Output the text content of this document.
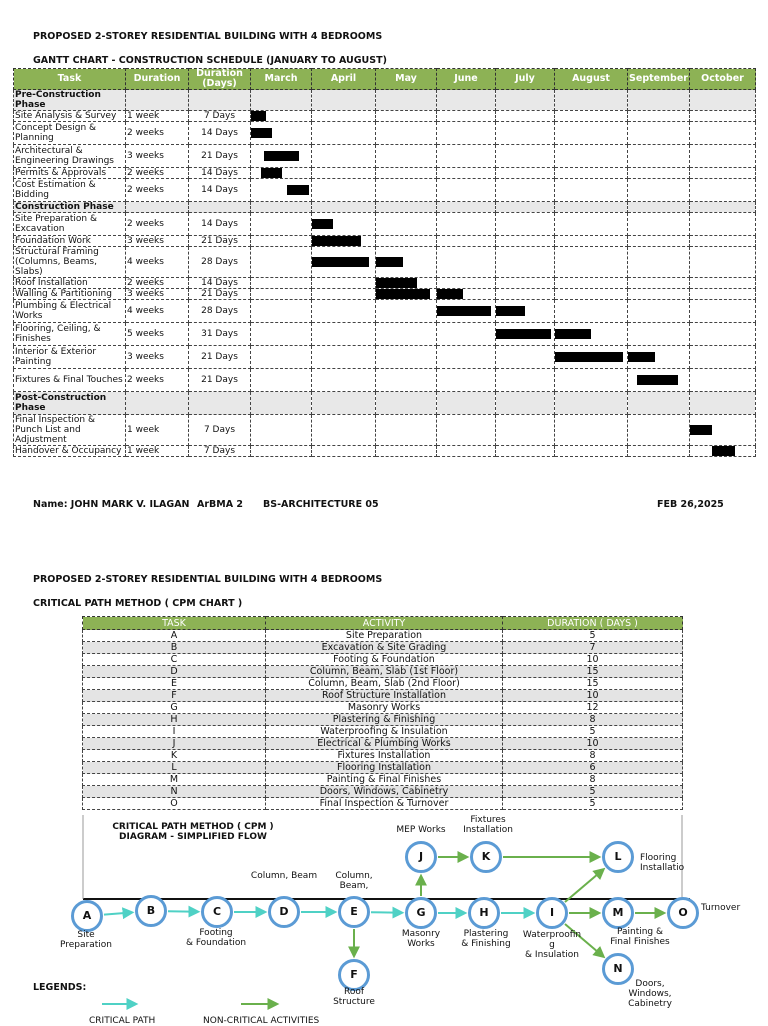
PROPOSED 2-STOREY RESIDENTIAL BUILDING WITH 4 BEDROOMS
GANTT CHART - CONSTRUCTION SCHEDULE (JANUARY TO AUGUST)
Task	Duration	Duration (Days)	March	April	May	June	July	August	September	October
Pre-Construction Phase										
Site Analysis & Survey	1 week	7 Days	

Concept Design & Planning	2 weeks	14 Days	

Architectural & Engineering Drawings	3 weeks	21 Days	

Permits & Approvals	2 weeks	14 Days	

Cost Estimation & Bidding	2 weeks	14 Days	

Construction Phase										
Site Preparation & Excavation	2 weeks	14 Days		

Foundation Work	3 weeks	21 Days		

Structural Framing (Columns, Beams, Slabs)	4 weeks	28 Days		

Roof Installation	2 weeks	14 Days			

Walling & Partitioning	3 weeks	21 Days			

Plumbing & Electrical Works	4 weeks	28 Days				

Flooring, Ceiling, & Finishes	5 weeks	31 Days					

Interior & Exterior Painting	3 weeks	21 Days						

Fixtures & Final Touches	2 weeks	21 Days							

Post-Construction Phase										
Final Inspection & Punch List and Adjustment	1 week	7 Days								

Handover & Occupancy	1 week	7 Days								
Name: JOHN MARK V. ILAGAN ArBMA 2 BS-ARCHITECTURE 05	FEB 26,2025
PROPOSED 2-STOREY RESIDENTIAL BUILDING WITH 4 BEDROOMS
CRITICAL PATH METHOD ( CPM CHART )
TASK	ACTIVITY	DURATION ( DAYS )
A	Site Preparation	5
B	Excavation & Site Grading	7
C	Footing & Foundation	10
D	Column, Beam, Slab (1st Floor)	15
E	Column, Beam, Slab (2nd Floor)	15
F	Roof Structure Installation	10
G	Masonry Works	12
H	Plastering & Finishing	8
I	Waterproofing & Insulation	5
J	Electrical & Plumbing Works	10
K	Fixtures Installation	8
L	Flooring Installation	6
M	Painting & Final Finishes	8
N	Doors, Windows, Cabinetry	5
O	Final Inspection & Turnover	5
CRITICAL PATH METHOD ( CPM ) DIAGRAM - SIMPLIFIED FLOW
A
Site
Preparation
B	C
Footing
& Foundation
D
Column, Beam
E
Column,
Beam,
F
Roof
Structure
G
Masonry
Works
H
Plastering
& Finishing
I
Waterproofin
g
& Insulation
J
MEP Works
K
Fixtures
Installation
L	Flooring
Installatio
M
Painting &
Final Finishes
N
Doors,
Windows,
Cabinetry
O	Turnover
LEGENDS:
CRITICAL PATH	NON-CRITICAL ACTIVITIES
